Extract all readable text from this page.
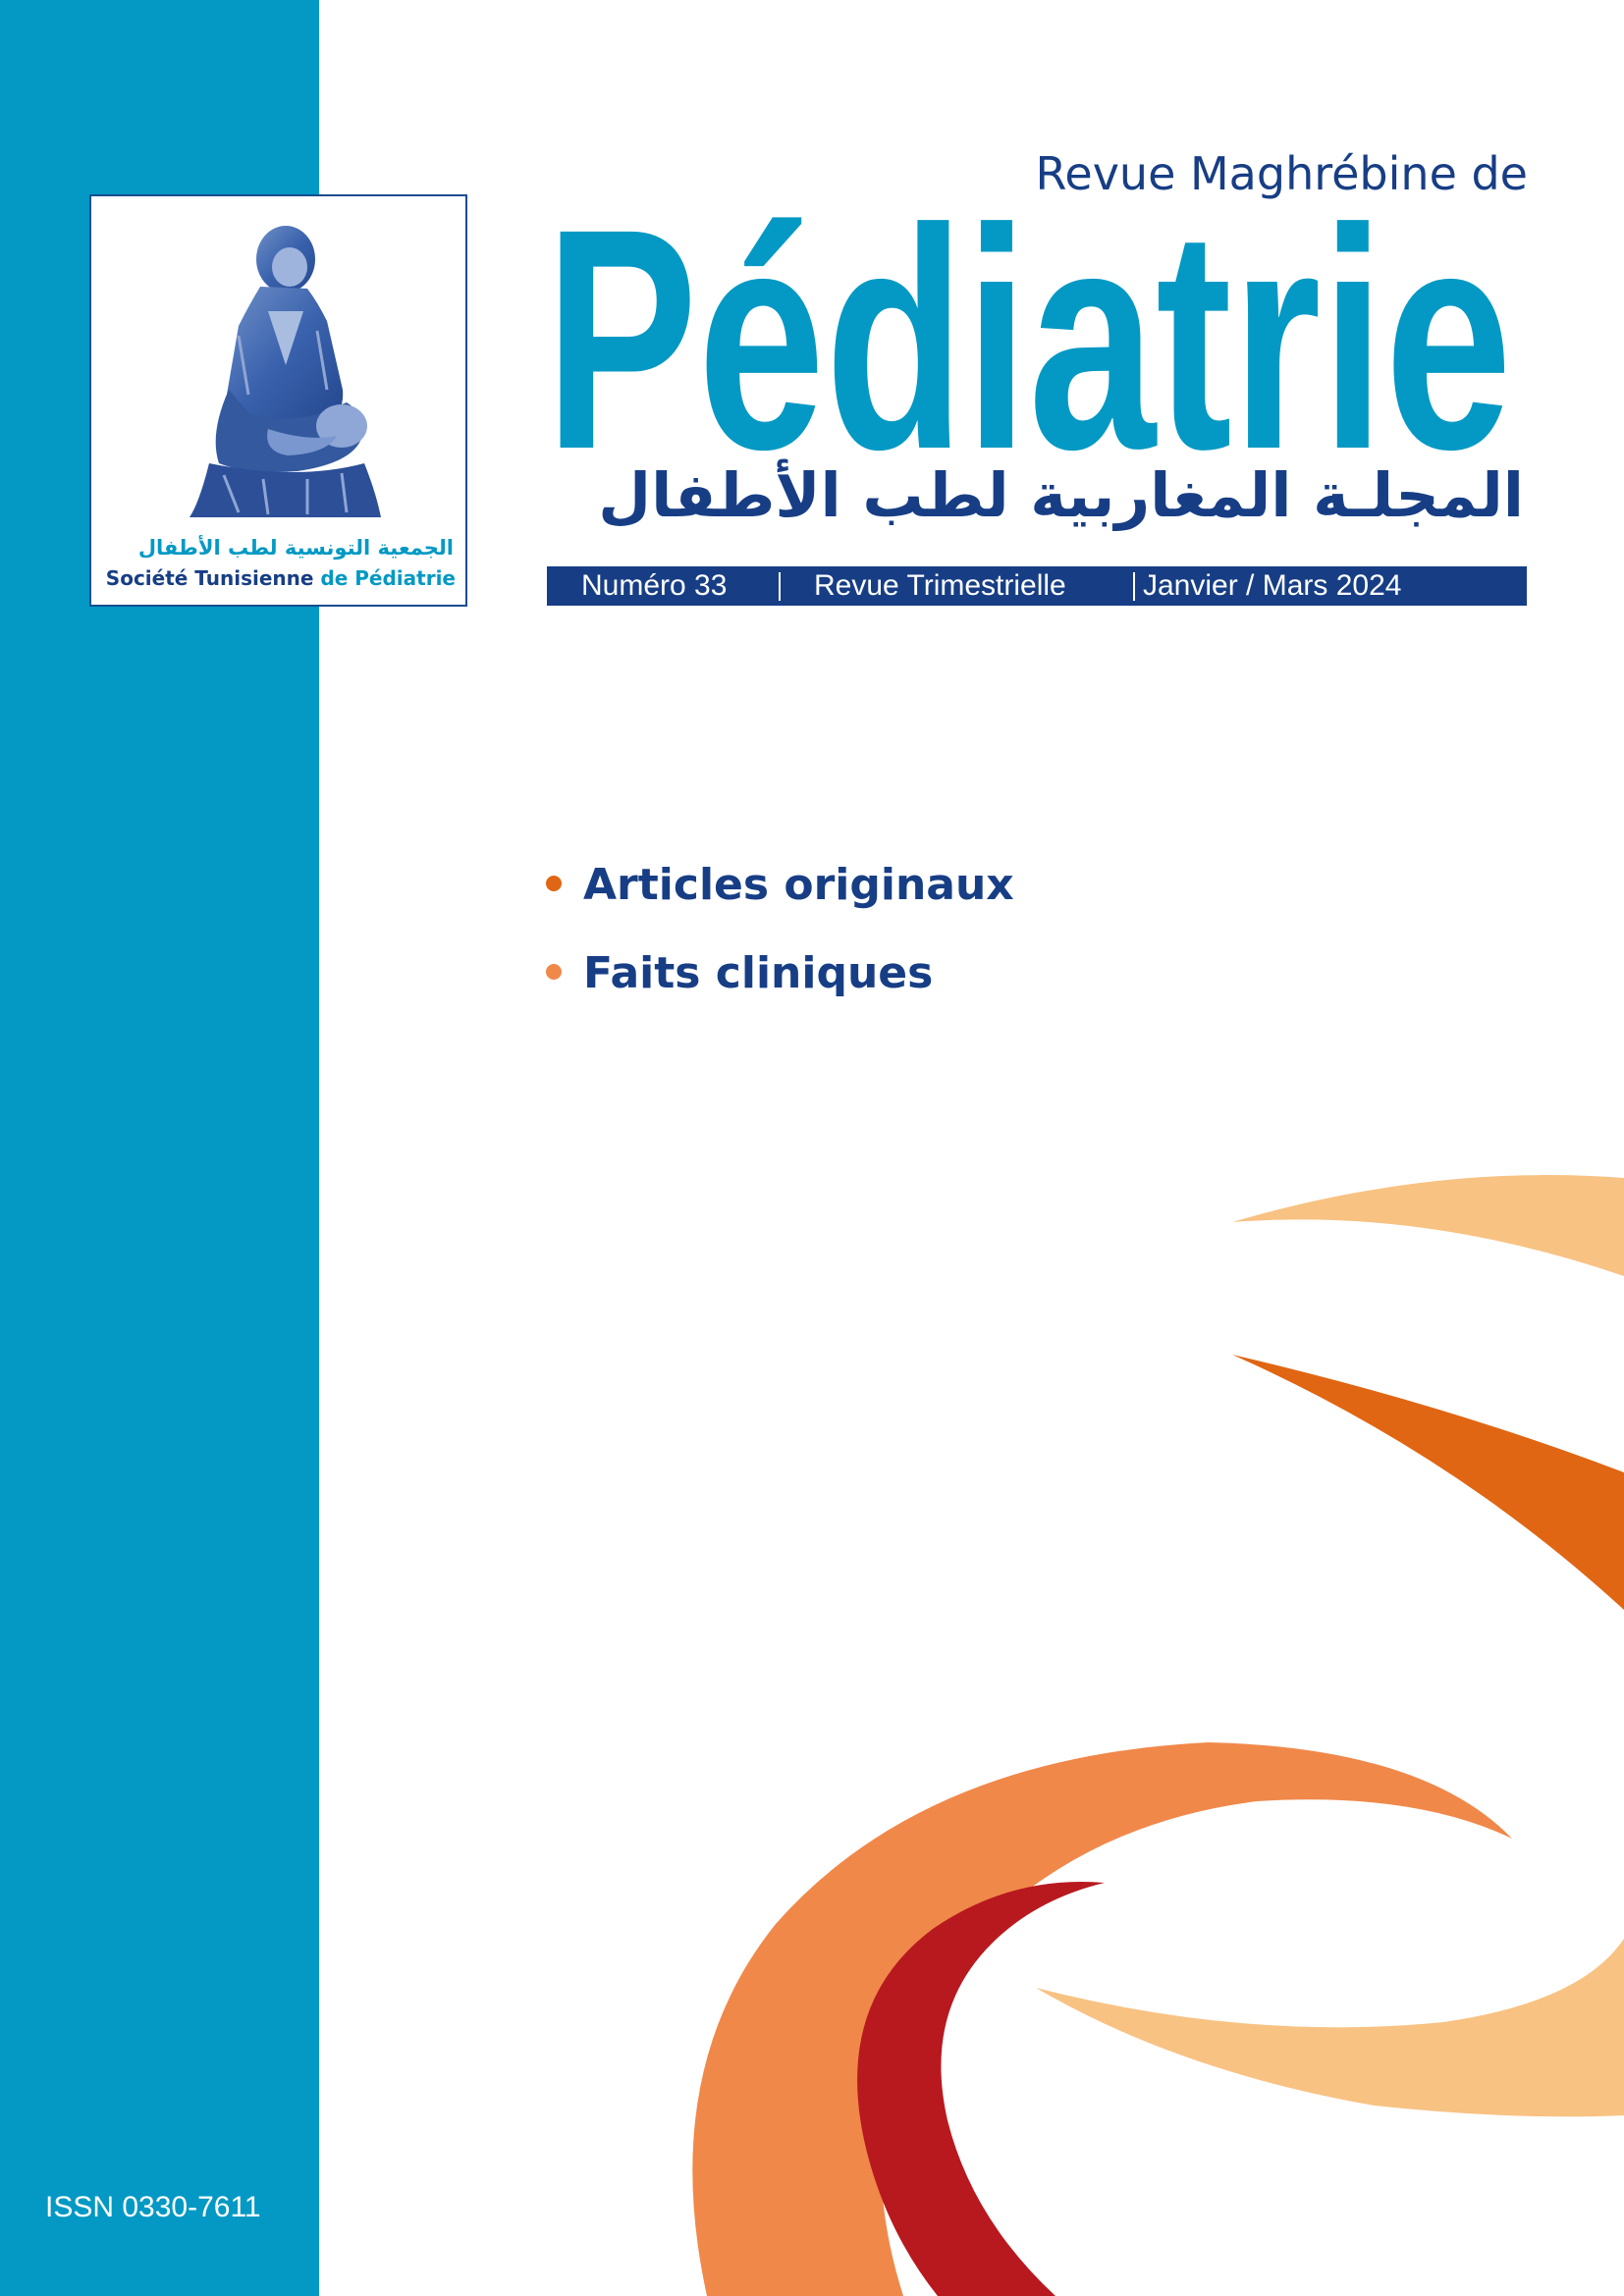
الجمعية التونسية لطب الأطفال
Société Tunisienne de Pédiatrie
Revue Maghrébine de
Pédiatrie
المجلـة المغاربية لطب الأطفال
Numéro 33	Revue Trimestrielle	Janvier / Mars 2024
Articles originaux
Faits cliniques
ISSN 0330-7611
